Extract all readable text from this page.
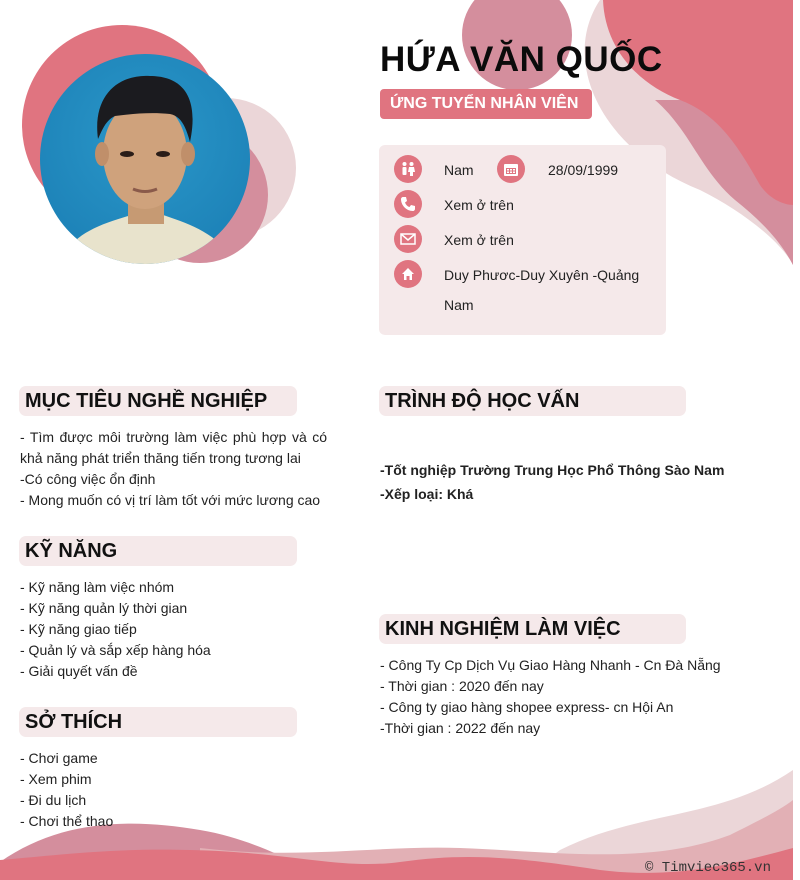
HỨA VĂN QUỐC
ỨNG TUYỂN NHÂN VIÊN
Nam	28/09/1999
Xem ở trên
Xem ở trên
Duy Phươc-Duy Xuyên -Quảng
Nam
MỤC TIÊU NGHỀ NGHIỆP
- Tìm được môi trường làm việc phù hợp và có khả năng phát triển thăng tiến trong tương lai
-Có công việc ổn định
- Mong muốn có vị trí làm tốt với mức lương cao
KỸ NĂNG
- Kỹ năng làm việc nhóm
- Kỹ năng quản lý thời gian
- Kỹ năng giao tiếp
- Quản lý và sắp xếp hàng hóa
- Giải quyết vấn đề
SỞ THÍCH
- Chơi game
- Xem phim
- Đi du lịch
- Chơi thể thao
TRÌNH ĐỘ HỌC VẤN
-Tốt nghiệp Trường Trung Học Phổ Thông Sào Nam
-Xếp loại: Khá
KINH NGHIỆM LÀM VIỆC
- Công Ty Cp Dịch Vụ Giao Hàng Nhanh - Cn Đà Nẵng
- Thời gian : 2020 đến nay
- Công ty giao hàng shopee express- cn Hội An
-Thời gian : 2022 đến nay
© Timviec365.vn
